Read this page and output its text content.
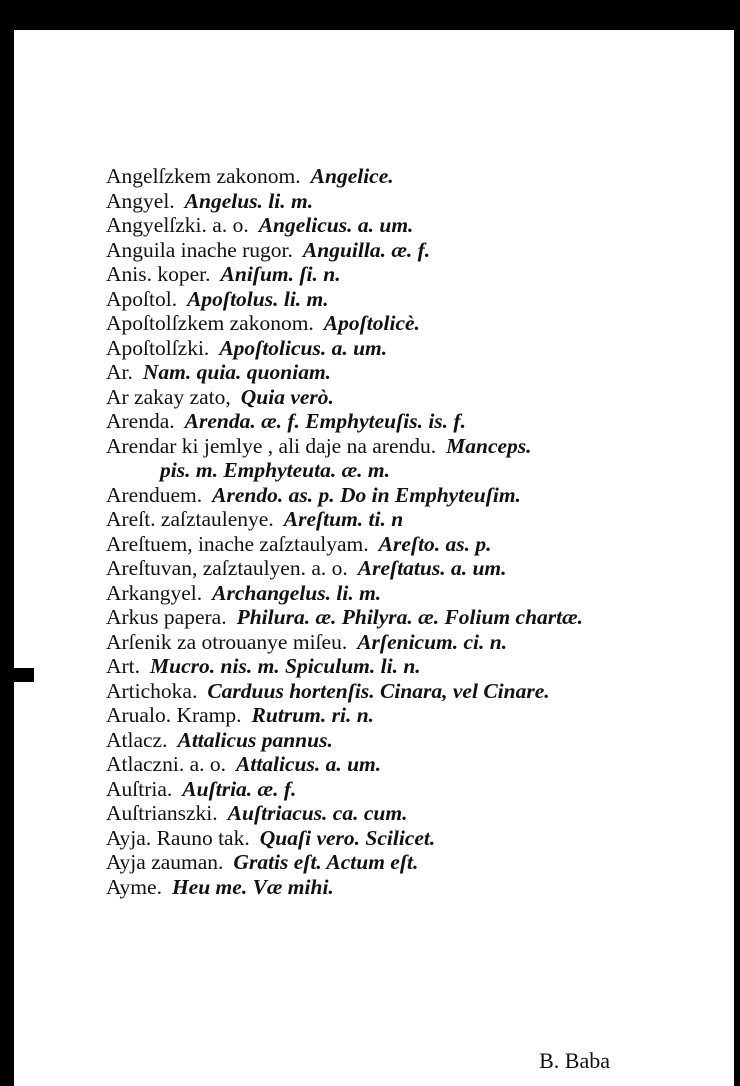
Angelſzkem zakonom. Angelice.
Angyel. Angelus. li. m.
Angyelſzki. a. o. Angelicus. a. um.
Anguila inache rugor. Anguilla. æ. f.
Anis. koper. Aniſum. ſi. n.
Apoſtol. Apoſtolus. li. m.
Apoſtolſzkem zakonom. Apoſtolicè.
Apoſtolſzki. Apoſtolicus. a. um.
Ar. Nam. quia. quoniam.
Ar zakay zato, Quia verò.
Arenda. Arenda. æ. f. Emphyteuſis. is. f.
Arendar ki jemlye , ali daje na arendu. Manceps.
pis. m. Emphyteuta. æ. m.
Arenduem. Arendo. as. p. Do in Emphyteuſim.
Areſt. zaſztaulenye. Areſtum. ti. n
Areſtuem, inache zaſztaulyam. Areſto. as. p.
Areſtuvan, zaſztaulyen. a. o. Areſtatus. a. um.
Arkangyel. Archangelus. li. m.
Arkus papera. Philura. æ. Philyra. æ. Folium chartæ.
Arſenik za otrouanye miſeu. Arſenicum. ci. n.
Art. Mucro. nis. m. Spiculum. li. n.
Artichoka. Carduus hortenſis. Cinara, vel Cinare.
Arualo. Kramp. Rutrum. ri. n.
Atlacz. Attalicus pannus.
Atlaczni. a. o. Attalicus. a. um.
Auſtria. Auſtria. æ. f.
Auſtrianszki. Auſtriacus. ca. cum.
Ayja. Rauno tak. Quaſi vero. Scilicet.
Ayja zauman. Gratis eſt. Actum eſt.
Ayme. Heu me. Væ mihi.
B. Baba
